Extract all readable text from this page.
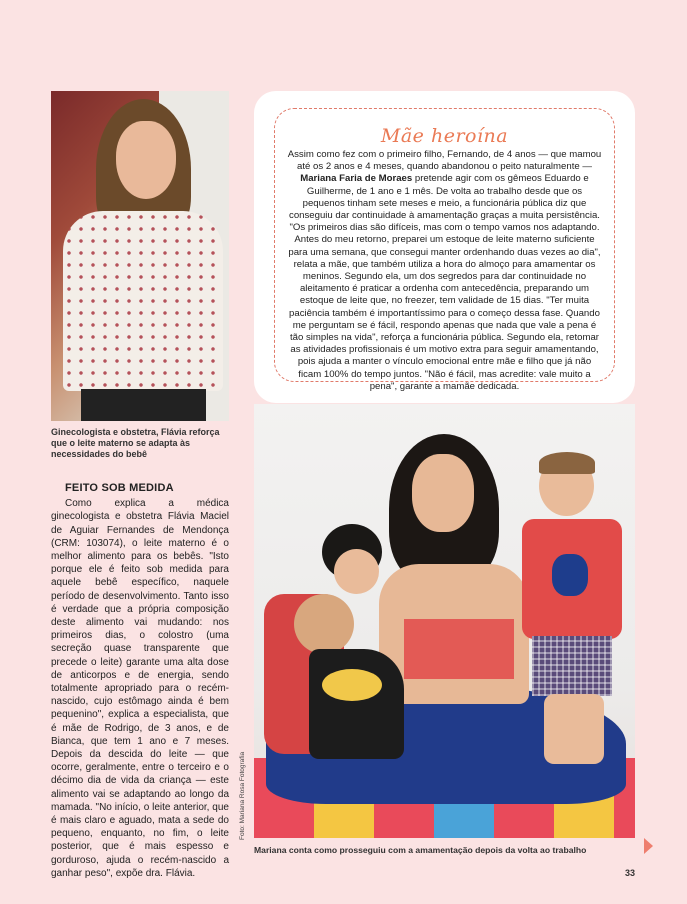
Ginecologista e obstetra, Flávia reforça que o leite materno se adapta às necessidades do bebê
FEITO SOB MEDIDA

Como explica a médica ginecologista e obstetra Flávia Maciel de Aguiar Fernandes de Mendonça (CRM: 103074), o leite materno é o melhor alimento para os bebês. "Isto porque ele é feito sob medida para aquele bebê específico, naquele período de desenvolvimento. Tanto isso é verdade que a própria composição deste alimento vai mudando: nos primeiros dias, o colostro (uma secreção quase transparente que precede o leite) garante uma alta dose de anticorpos e de energia, sendo totalmente apropriado para o recém-nascido, cujo estômago ainda é bem pequenino", explica a especialista, que é mãe de Rodrigo, de 3 anos, e de Bianca, que tem 1 ano e 7 meses. Depois da descida do leite — que ocorre, geralmente, entre o terceiro e o décimo dia de vida da criança — este alimento vai se adaptando ao longo da mamada. "No início, o leite anterior, que é mais claro e aguado, mata a sede do pequeno, enquanto, no fim, o leite posterior, que é mais espesso e gorduroso, ajuda o recém-nascido a ganhar peso", expõe dra. Flávia.

Mãe heroína
Assim como fez com o primeiro filho, Fernando, de 4 anos — que mamou até os 2 anos e 4 meses, quando abandonou o peito naturalmente — Mariana Faria de Moraes pretende agir com os gêmeos Eduardo e Guilherme, de 1 ano e 1 mês. De volta ao trabalho desde que os pequenos tinham sete meses e meio, a funcionária pública diz que conseguiu dar continuidade à amamentação graças a muita persistência. "Os primeiros dias são difíceis, mas com o tempo vamos nos adaptando. Antes do meu retorno, preparei um estoque de leite materno suficiente para uma semana, que consegui manter ordenhando duas vezes ao dia", relata a mãe, que também utiliza a hora do almoço para amamentar os meninos. Segundo ela, um dos segredos para dar continuidade no aleitamento é praticar a ordenha com antecedência, preparando um estoque de leite que, no freezer, tem validade de 15 dias. "Ter muita paciência também é importantíssimo para o começo dessa fase. Quando me perguntam se é fácil, respondo apenas que nada que vale a pena é tão simples na vida", reforça a funcionária pública. Segundo ela, retomar as atividades profissionais é um motivo extra para seguir amamentando, pois ajuda a manter o vínculo emocional entre mãe e filho que já não ficam 100% do tempo juntos. "Não é fácil, mas acredite: vale muito a pena", garante a mamãe dedicada.
Foto: Mariana Rosa Fotografia
Mariana conta como prosseguiu com a amamentação depois da volta ao trabalho
33
